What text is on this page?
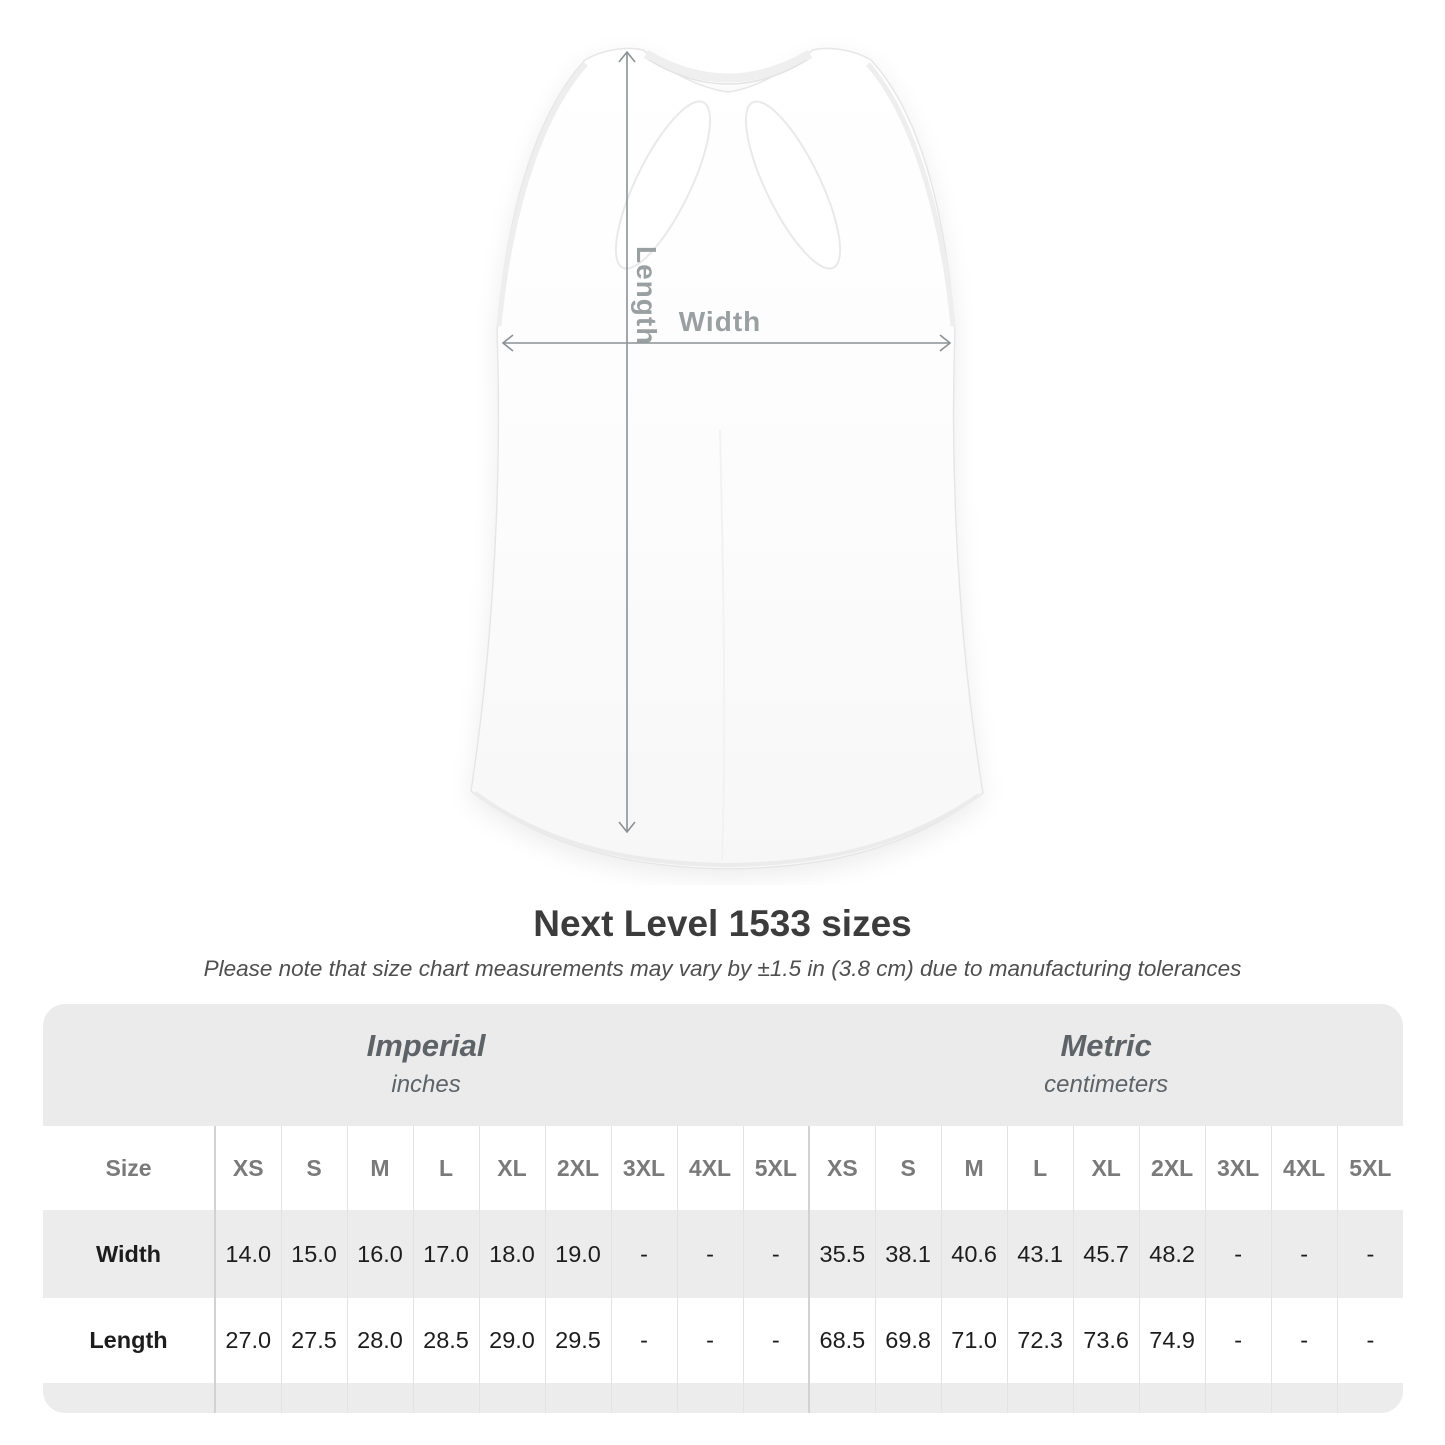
Length Width
Next Level 1533 sizes
Please note that size chart measurements may vary by ±1.5 in (3.8 cm) due to manufacturing tolerances
Imperial
inches										Metric
centimeters								

Size	XS	S	M	L	XL	2XL	3XL	4XL	5XL	XS	S	M	L	XL	2XL	3XL	4XL	5XL
Width	14.0	15.0	16.0	17.0	18.0	19.0	-	-	-	35.5	38.1	40.6	43.1	45.7	48.2	-	-	-
Length	27.0	27.5	28.0	28.5	29.0	29.5	-	-	-	68.5	69.8	71.0	72.3	73.6	74.9	-	-	-
